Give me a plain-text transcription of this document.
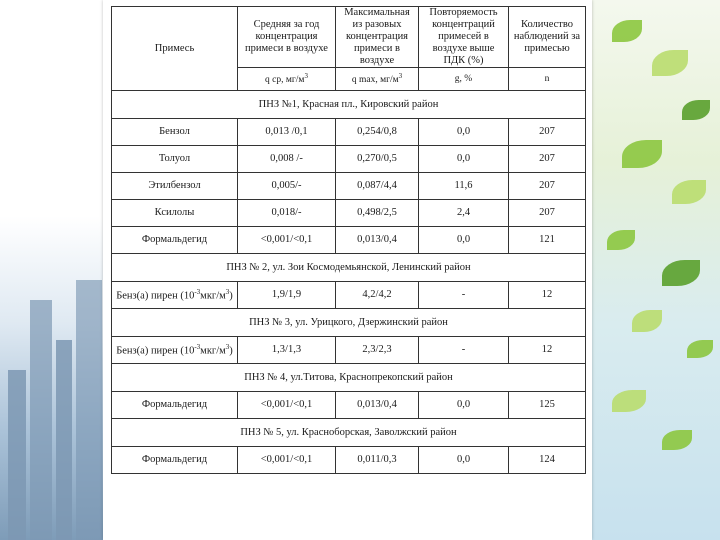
Примесь	Средняя за год концентрация примеси в воздухе	Максимальная из разовых концентрация примеси в воздухе	Повторяемость концентраций примесей в воздухе выше ПДК (%)	Количество наблюдений за примесью
	q ср, $мг/м^3$	q max, $мг/м^3$	g, %	n
ПНЗ №1, Красная пл., Кировский район				
Бензол	0,013 /0,1	0,254/0,8	0,0	207
Толуол	0,008 /-	0,270/0,5	0,0	207
Этилбензол	0,005/-	0,087/4,4	11,6	207
Ксилолы	0,018/-	0,498/2,5	2,4	207
Формальдегид	<0,001/<0,1	0,013/0,4	0,0	121
ПНЗ № 2, ул. Зои Космодемьянской, Ленинский район				
Бенз(а) пирен $(10^{-3}мкг/м^3)$	1,9/1,9	4,2/4,2	-	12
ПНЗ № 3, ул. Урицкого, Дзержинский район				
Бенз(а) пирен $(10^{-3}мкг/м^3)$	1,3/1,3	2,3/2,3	-	12
ПНЗ № 4, ул.Титова, Краснопрекопский район				
Формальдегид	<0,001/<0,1	0,013/0,4	0,0	125
ПНЗ № 5, ул. Красноборская, Заволжский район				
Формальдегид	<0,001/<0,1	0,011/0,3	0,0	124
